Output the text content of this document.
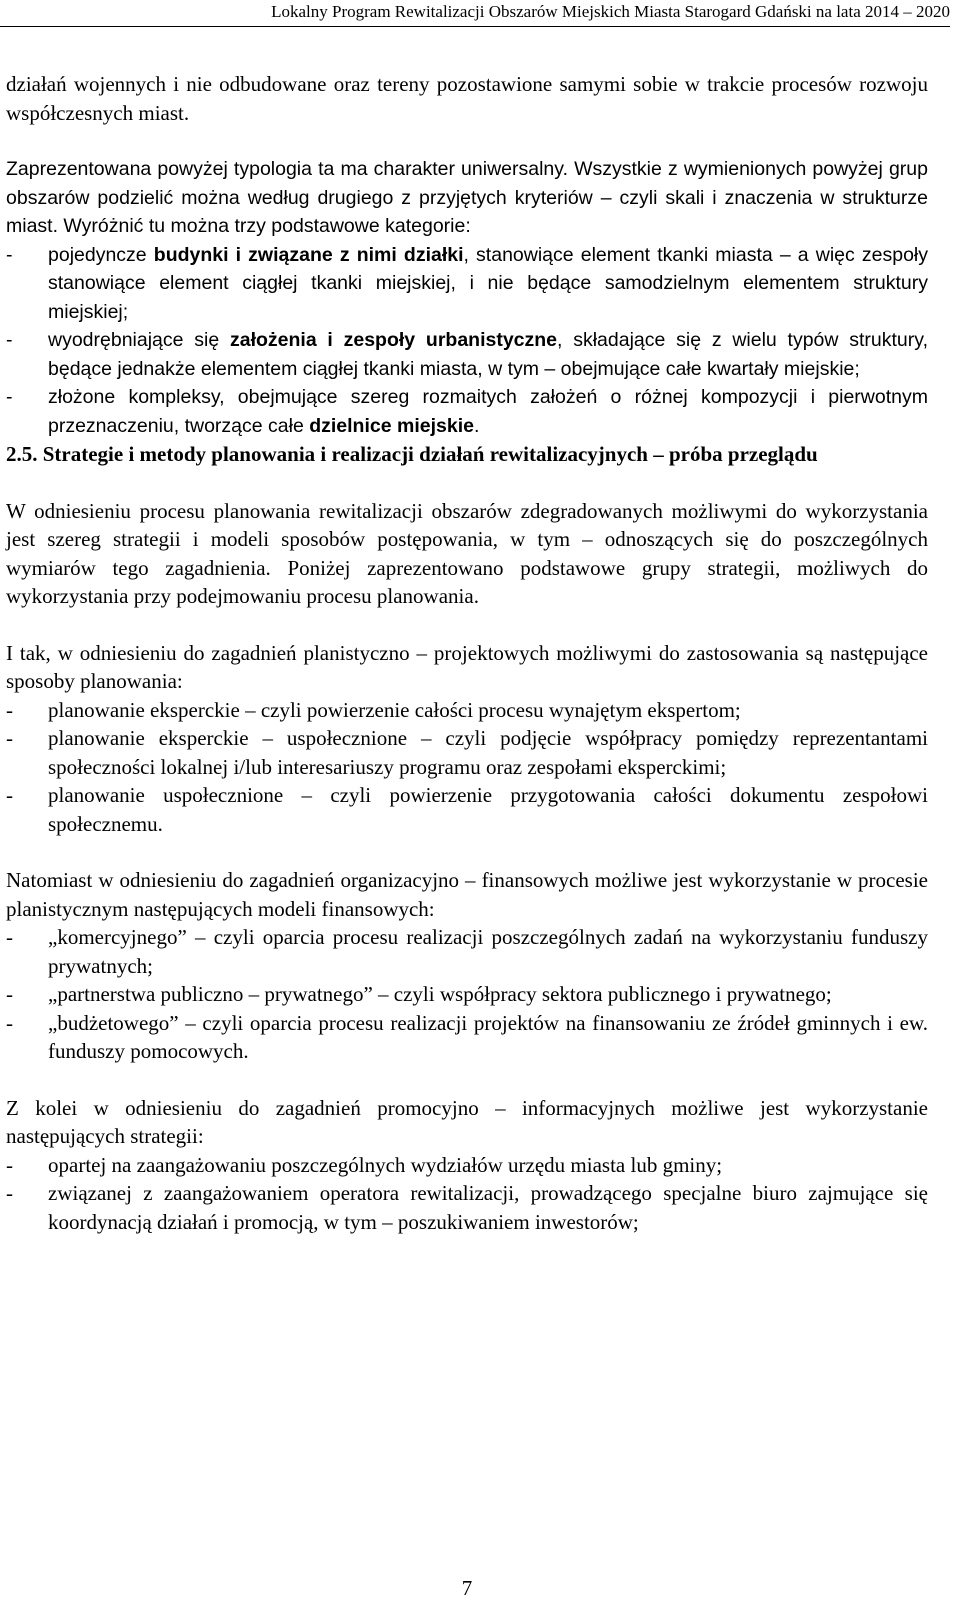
Lokalny Program Rewitalizacji Obszarów Miejskich Miasta Starogard Gdański na lata 2014 – 2020

działań wojennych i nie odbudowane oraz tereny pozostawione samymi sobie w trakcie procesów rozwoju współczesnych miast.

Zaprezentowana powyżej typologia ta ma charakter uniwersalny. Wszystkie z wymienionych powyżej grup obszarów podzielić można według drugiego z przyjętych kryteriów – czyli skali i znaczenia w strukturze miast. Wyróżnić tu można trzy podstawowe kategorie:

- pojedyncze budynki i związane z nimi działki, stanowiące element tkanki miasta – a więc zespoły stanowiące element ciągłej tkanki miejskiej, i nie będące samodzielnym elementem struktury miejskiej;
- wyodrębniające się założenia i zespoły urbanistyczne, składające się z wielu typów struktury, będące jednakże elementem ciągłej tkanki miasta, w tym – obejmujące całe kwartały miejskie;
- złożone kompleksy, obejmujące szereg rozmaitych założeń o różnej kompozycji i pierwotnym przeznaczeniu, tworzące całe dzielnice miejskie.
2.5. Strategie i metody planowania i realizacji działań rewitalizacyjnych – próba przeglądu

W odniesieniu procesu planowania rewitalizacji obszarów zdegradowanych możliwymi do wykorzystania jest szereg strategii i modeli sposobów postępowania, w tym – odnoszących się do poszczególnych wymiarów tego zagadnienia. Poniżej zaprezentowano podstawowe grupy strategii, możliwych do wykorzystania przy podejmowaniu procesu planowania.

I tak, w odniesieniu do zagadnień planistyczno – projektowych możliwymi do zastosowania są następujące sposoby planowania:

- planowanie eksperckie – czyli powierzenie całości procesu wynajętym ekspertom;
- planowanie eksperckie – uspołecznione – czyli podjęcie współpracy pomiędzy reprezentantami społeczności lokalnej i/lub interesariuszy programu oraz zespołami eksperckimi;
- planowanie uspołecznione – czyli powierzenie przygotowania całości dokumentu zespołowi społecznemu.

Natomiast w odniesieniu do zagadnień organizacyjno – finansowych możliwe jest wykorzystanie w procesie planistycznym następujących modeli finansowych:

- „komercyjnego” – czyli oparcia procesu realizacji poszczególnych zadań na wykorzystaniu funduszy prywatnych;
- „partnerstwa publiczno – prywatnego” – czyli współpracy sektora publicznego i prywatnego;
- „budżetowego” – czyli oparcia procesu realizacji projektów na finansowaniu ze źródeł gminnych i ew. funduszy pomocowych.

Z kolei w odniesieniu do zagadnień promocyjno – informacyjnych możliwe jest wykorzystanie następujących strategii:

- opartej na zaangażowaniu poszczególnych wydziałów urzędu miasta lub gminy;
- związanej z zaangażowaniem operatora rewitalizacji, prowadzącego specjalne biuro zajmujące się koordynacją działań i promocją, w tym – poszukiwaniem inwestorów;
7
